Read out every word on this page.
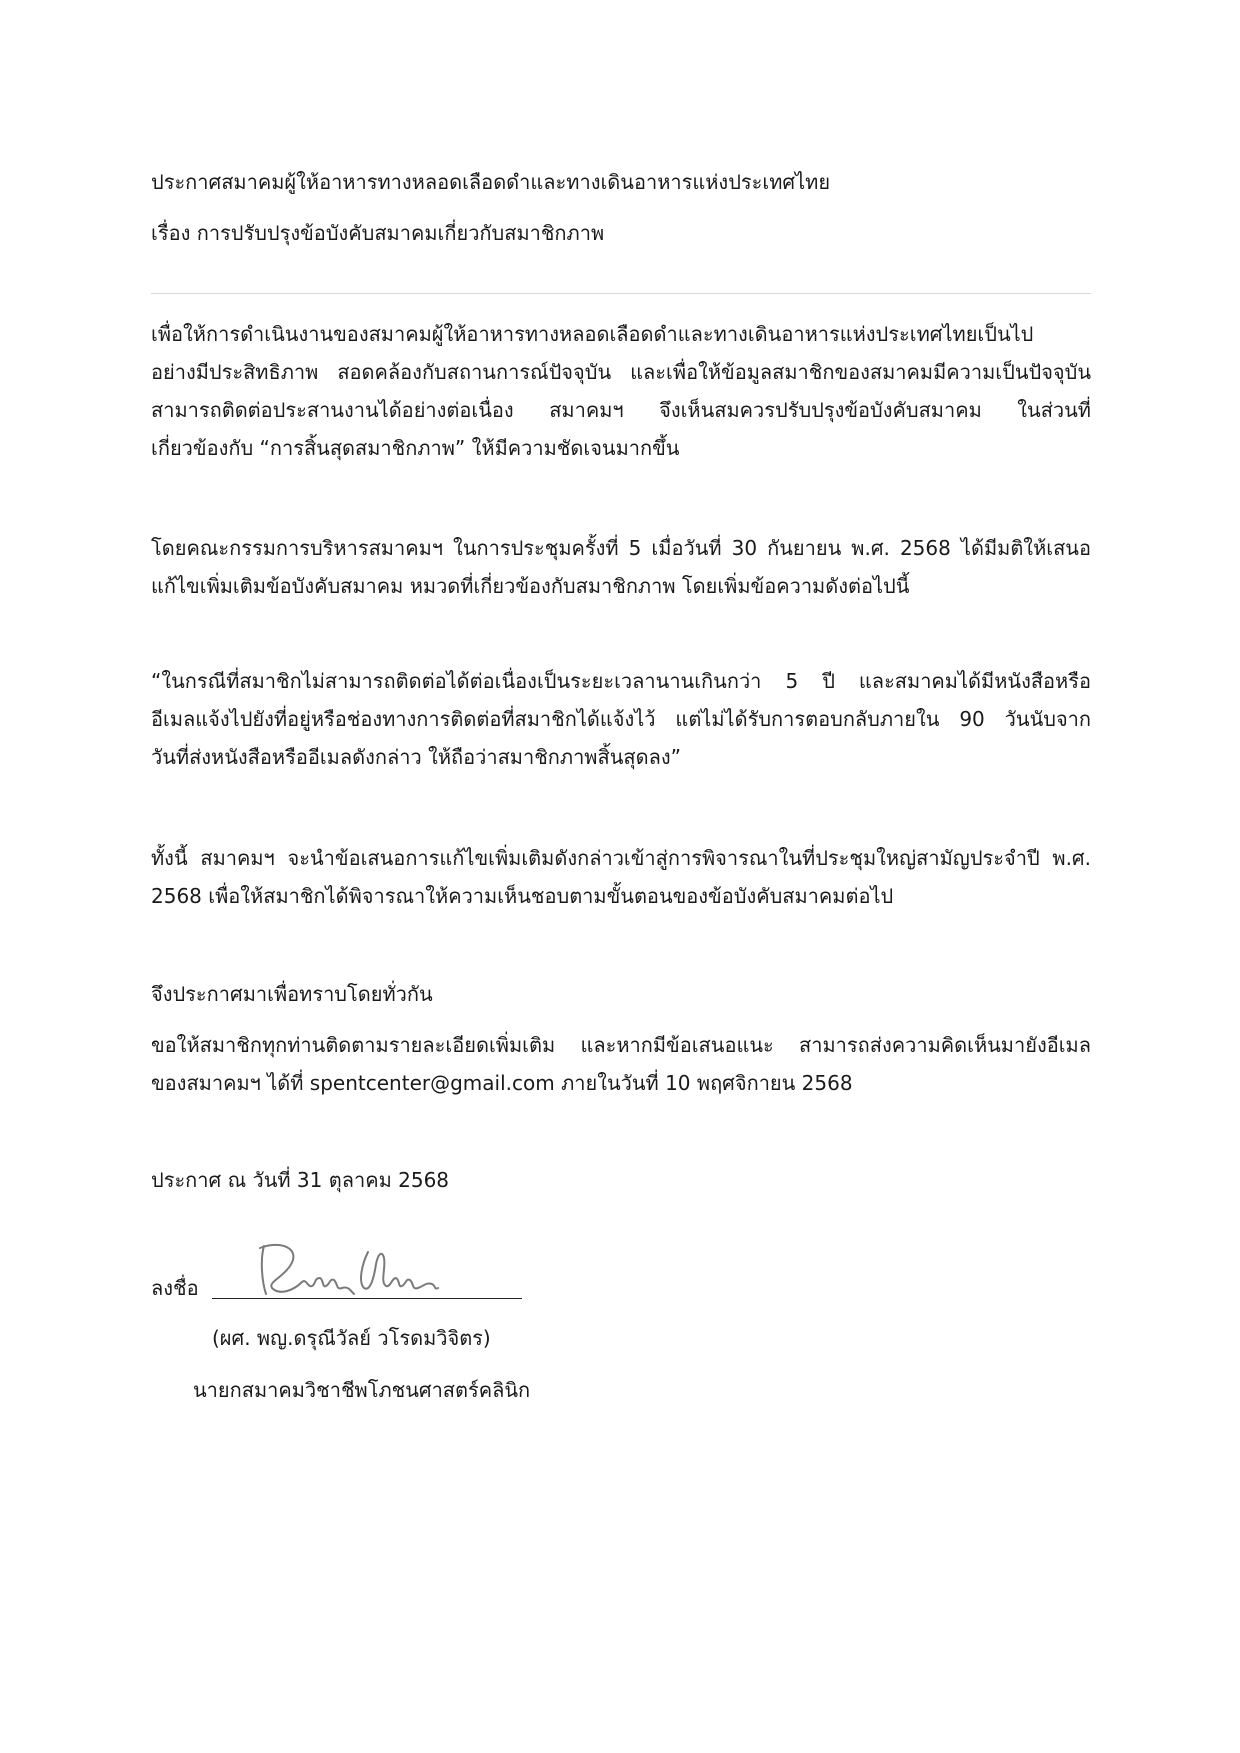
ประกาศสมาคมผู้ให้อาหารทางหลอดเลือดดำและทางเดินอาหารแห่งประเทศไทย

เรื่อง การปรับปรุงข้อบังคับสมาคมเกี่ยวกับสมาชิกภาพ

เพื่อให้การดำเนินงานของสมาคมผู้ให้อาหารทางหลอดเลือดดำและทางเดินอาหารแห่งประเทศไทยเป็นไป

อย่างมีประสิทธิภาพ สอดคล้องกับสถานการณ์ปัจจุบัน และเพื่อให้ข้อมูลสมาชิกของสมาคมมีความเป็นปัจจุบัน

สามารถติดต่อประสานงานได้อย่างต่อเนื่อง สมาคมฯ จึงเห็นสมควรปรับปรุงข้อบังคับสมาคม ในส่วนที่

เกี่ยวข้องกับ “การสิ้นสุดสมาชิกภาพ” ให้มีความชัดเจนมากขึ้น

โดยคณะกรรมการบริหารสมาคมฯ ในการประชุมครั้งที่ 5 เมื่อวันที่ 30 กันยายน พ.ศ. 2568 ได้มีมติให้เสนอ

แก้ไขเพิ่มเติมข้อบังคับสมาคม หมวดที่เกี่ยวข้องกับสมาชิกภาพ โดยเพิ่มข้อความดังต่อไปนี้

“ในกรณีที่สมาชิกไม่สามารถติดต่อได้ต่อเนื่องเป็นระยะเวลานานเกินกว่า 5 ปี และสมาคมได้มีหนังสือหรือ

อีเมลแจ้งไปยังที่อยู่หรือช่องทางการติดต่อที่สมาชิกได้แจ้งไว้ แต่ไม่ได้รับการตอบกลับภายใน 90 วันนับจาก

วันที่ส่งหนังสือหรืออีเมลดังกล่าว ให้ถือว่าสมาชิกภาพสิ้นสุดลง”

ทั้งนี้ สมาคมฯ จะนำข้อเสนอการแก้ไขเพิ่มเติมดังกล่าวเข้าสู่การพิจารณาในที่ประชุมใหญ่สามัญประจำปี พ.ศ.

2568 เพื่อให้สมาชิกได้พิจารณาให้ความเห็นชอบตามขั้นตอนของข้อบังคับสมาคมต่อไป

จึงประกาศมาเพื่อทราบโดยทั่วกัน

ขอให้สมาชิกทุกท่านติดตามรายละเอียดเพิ่มเติม และหากมีข้อเสนอแนะ สามารถส่งความคิดเห็นมายังอีเมล

ของสมาคมฯ ได้ที่ spentcenter@gmail.com ภายในวันที่ 10 พฤศจิกายน 2568

ประกาศ ณ วันที่ 31 ตุลาคม 2568

ลงชื่อ
(ผศ. พญ.ดรุณีวัลย์ วโรดมวิจิตร)
นายกสมาคมวิชาชีพโภชนศาสตร์คลินิก
